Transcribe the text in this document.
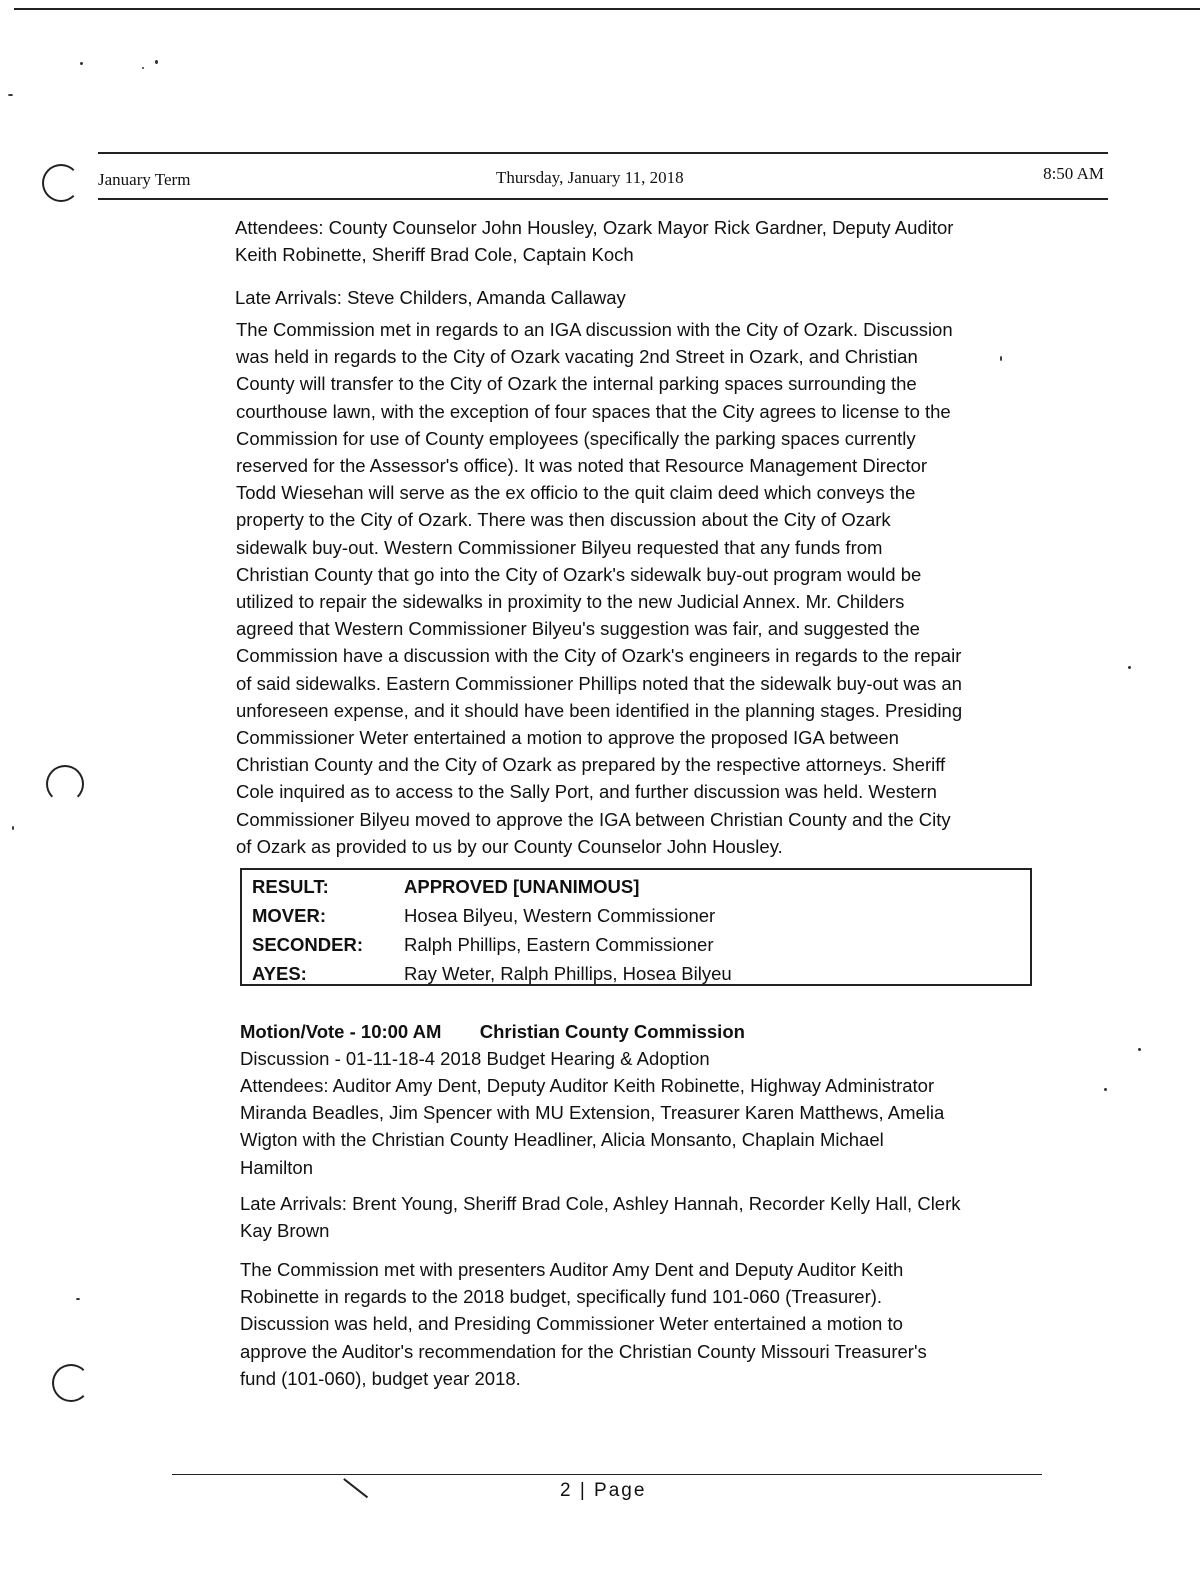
January Term	Thursday, January 11, 2018	8:50 AM

Attendees: County Counselor John Housley, Ozark Mayor Rick Gardner, Deputy Auditor

Keith Robinette, Sheriff Brad Cole, Captain Koch

Late Arrivals: Steve Childers, Amanda Callaway

The Commission met in regards to an IGA discussion with the City of Ozark. Discussion

was held in regards to the City of Ozark vacating 2nd Street in Ozark, and Christian

County will transfer to the City of Ozark the internal parking spaces surrounding the

courthouse lawn, with the exception of four spaces that the City agrees to license to the

Commission for use of County employees (specifically the parking spaces currently

reserved for the Assessor's office). It was noted that Resource Management Director

Todd Wiesehan will serve as the ex officio to the quit claim deed which conveys the

property to the City of Ozark. There was then discussion about the City of Ozark

sidewalk buy-out. Western Commissioner Bilyeu requested that any funds from

Christian County that go into the City of Ozark's sidewalk buy-out program would be

utilized to repair the sidewalks in proximity to the new Judicial Annex. Mr. Childers

agreed that Western Commissioner Bilyeu's suggestion was fair, and suggested the

Commission have a discussion with the City of Ozark's engineers in regards to the repair

of said sidewalks. Eastern Commissioner Phillips noted that the sidewalk buy-out was an

unforeseen expense, and it should have been identified in the planning stages. Presiding

Commissioner Weter entertained a motion to approve the proposed IGA between

Christian County and the City of Ozark as prepared by the respective attorneys. Sheriff

Cole inquired as to access to the Sally Port, and further discussion was held. Western

Commissioner Bilyeu moved to approve the IGA between Christian County and the City

of Ozark as provided to us by our County Counselor John Housley.

RESULT:	APPROVED [UNANIMOUS]
MOVER:	Hosea Bilyeu, Western Commissioner
SECONDER: Ralph Phillips, Eastern Commissioner
AYES:	Ray Weter, Ralph Phillips, Hosea Bilyeu

Motion/Vote - 10:00 AM Christian County Commission

Discussion - 01-11-18-4 2018 Budget Hearing & Adoption

Attendees: Auditor Amy Dent, Deputy Auditor Keith Robinette, Highway Administrator

Miranda Beadles, Jim Spencer with MU Extension, Treasurer Karen Matthews, Amelia

Wigton with the Christian County Headliner, Alicia Monsanto, Chaplain Michael

Hamilton

Late Arrivals: Brent Young, Sheriff Brad Cole, Ashley Hannah, Recorder Kelly Hall, Clerk

Kay Brown

The Commission met with presenters Auditor Amy Dent and Deputy Auditor Keith

Robinette in regards to the 2018 budget, specifically fund 101-060 (Treasurer).

Discussion was held, and Presiding Commissioner Weter entertained a motion to

approve the Auditor's recommendation for the Christian County Missouri Treasurer's

fund (101-060), budget year 2018.

2 | Page
